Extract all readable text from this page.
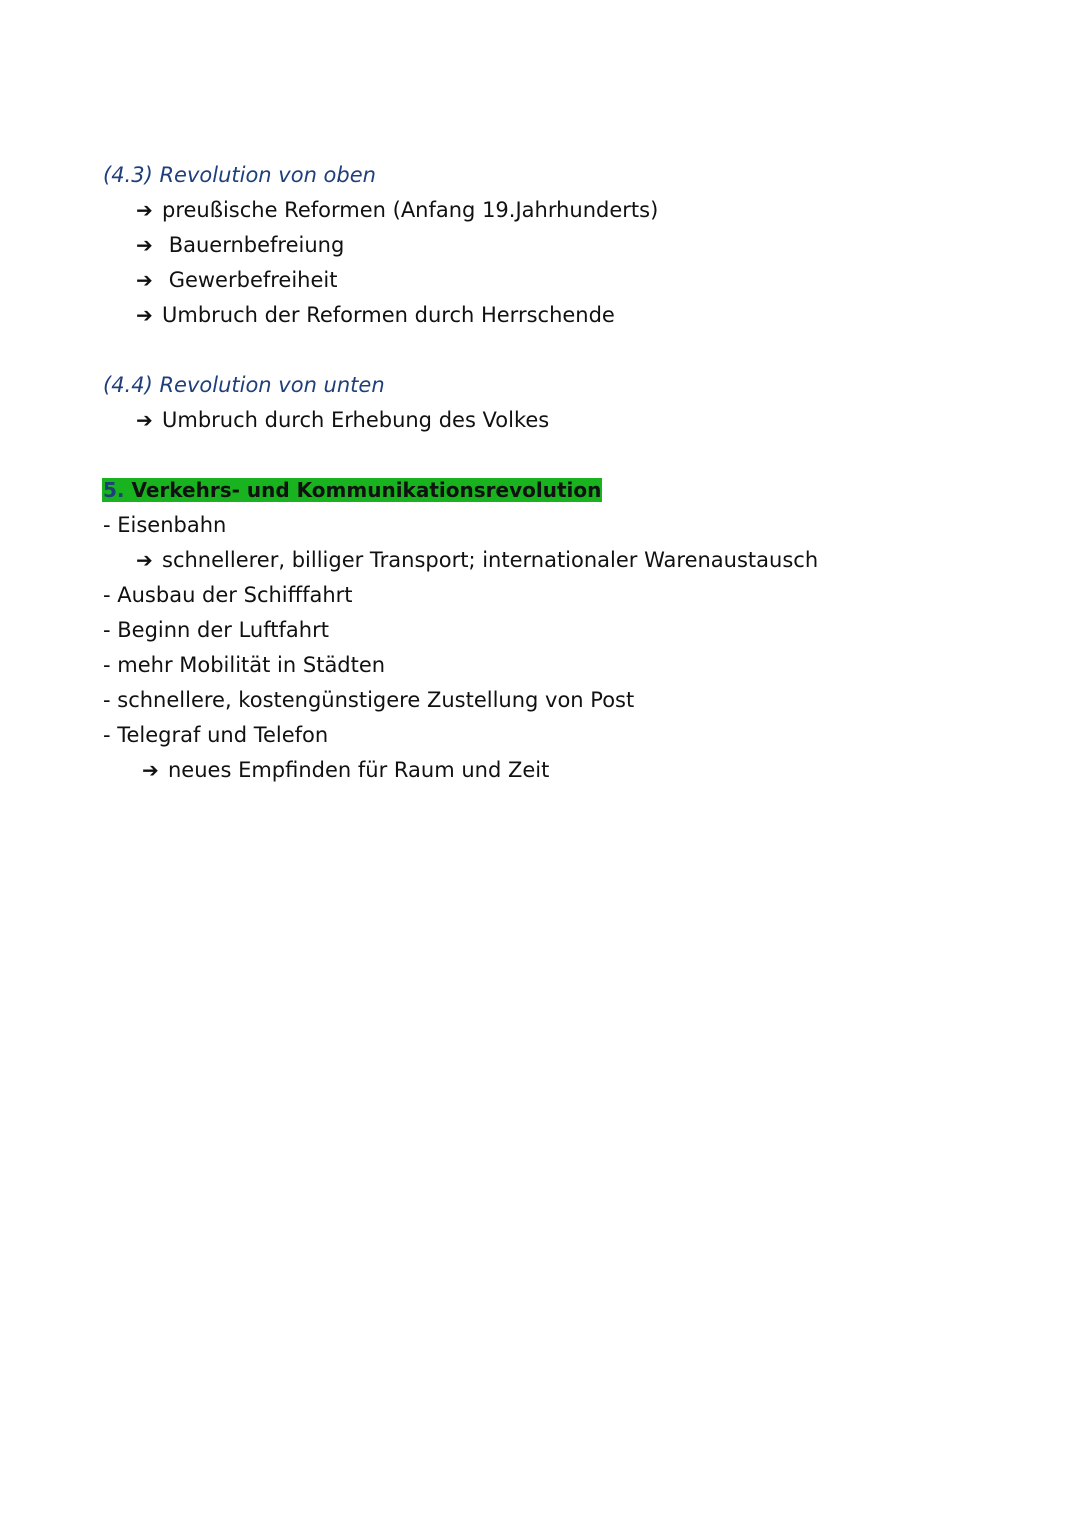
(4.3) Revolution von oben
➔ preußische Reformen (Anfang 19.Jahrhunderts)
➔ Bauernbefreiung
➔ Gewerbefreiheit
➔ Umbruch der Reformen durch Herrschende
(4.4) Revolution von unten
➔ Umbruch durch Erhebung des Volkes
5. Verkehrs- und Kommunikationsrevolution
- Eisenbahn
➔ schnellerer, billiger Transport; internationaler Warenaustausch
- Ausbau der Schifffahrt
- Beginn der Luftfahrt
- mehr Mobilität in Städten
- schnellere, kostengünstigere Zustellung von Post
- Telegraf und Telefon
➔ neues Empfinden für Raum und Zeit
